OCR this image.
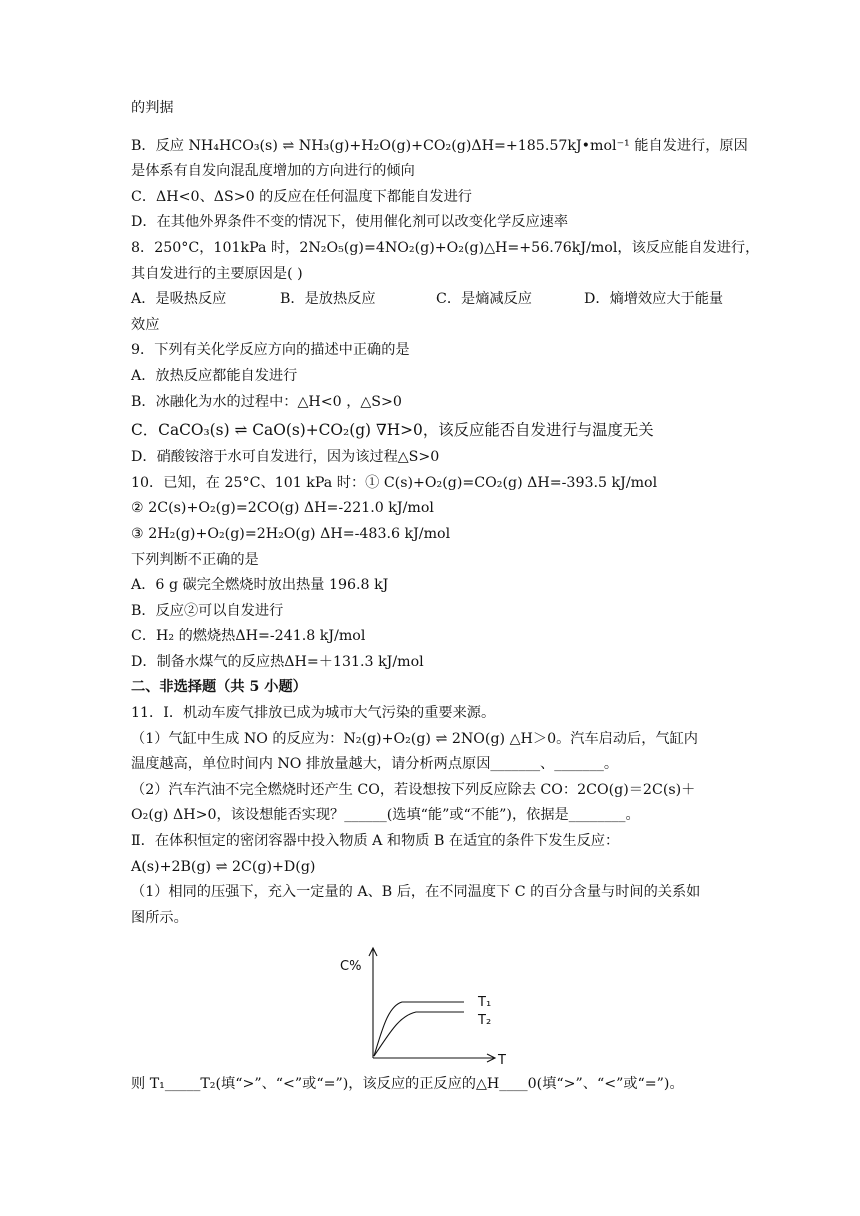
的判据
B．反应 NH₄HCO₃(s) ⇌ NH₃(g)+H₂O(g)+CO₂(g)ΔH=+185.57kJ•mol⁻¹ 能自发进行，原因
是体系有自发向混乱度增加的方向进行的倾向
C．ΔH<0、ΔS>0 的反应在任何温度下都能自发进行
D．在其他外界条件不变的情况下，使用催化剂可以改变化学反应速率
8．250°C，101kPa 时，2N₂O₅(g)=4NO₂(g)+O₂(g)△H=+56.76kJ/mol，该反应能自发进行，
其自发进行的主要原因是( )
A．是吸热反应	B．是放热反应	C．是熵减反应	D．熵增效应大于能量
效应
9．下列有关化学反应方向的描述中正确的是
A．放热反应都能自发进行
B．冰融化为水的过程中：△H<0 ，△S>0
C．CaCO₃(s) ⇌ CaO(s)+CO₂(g) ∇H>0，该反应能否自发进行与温度无关
D．硝酸铵溶于水可自发进行，因为该过程△S>0
10．已知，在 25°C、101 kPa 时：① C(s)+O₂(g)=CO₂(g) ΔH=-393.5 kJ/mol
② 2C(s)+O₂(g)=2CO(g) ΔH=-221.0 kJ/mol
③ 2H₂(g)+O₂(g)=2H₂O(g) ΔH=-483.6 kJ/mol
下列判断不正确的是
A．6 g 碳完全燃烧时放出热量 196.8 kJ
B．反应②可以自发进行
C．H₂ 的燃烧热ΔH=-241.8 kJ/mol
D．制备水煤气的反应热ΔH=＋131.3 kJ/mol
二、非选择题（共 5 小题）
11．Ⅰ．机动车废气排放已成为城市大气污染的重要来源。
（1）气缸中生成 NO 的反应为：N₂(g)+O₂(g) ⇌ 2NO(g) △H＞0。汽车启动后，气缸内
温度越高，单位时间内 NO 排放量越大，请分析两点原因_______、_______。
（2）汽车汽油不完全燃烧时还产生 CO，若设想按下列反应除去 CO：2CO(g)＝2C(s)＋
O₂(g) ΔH>0，该设想能否实现？______(选填“能”或“不能”)，依据是________。
Ⅱ．在体积恒定的密闭容器中投入物质 A 和物质 B 在适宜的条件下发生反应：
A(s)+2B(g) ⇌ 2C(g)+D(g)
（1）相同的压强下，充入一定量的 A、B 后，在不同温度下 C 的百分含量与时间的关系如
图所示。
C%
T
T₁
T₂
则 T₁_____T₂(填“>”、“<”或“=”)，该反应的正反应的△H____0(填“>”、“<”或“=”)。
